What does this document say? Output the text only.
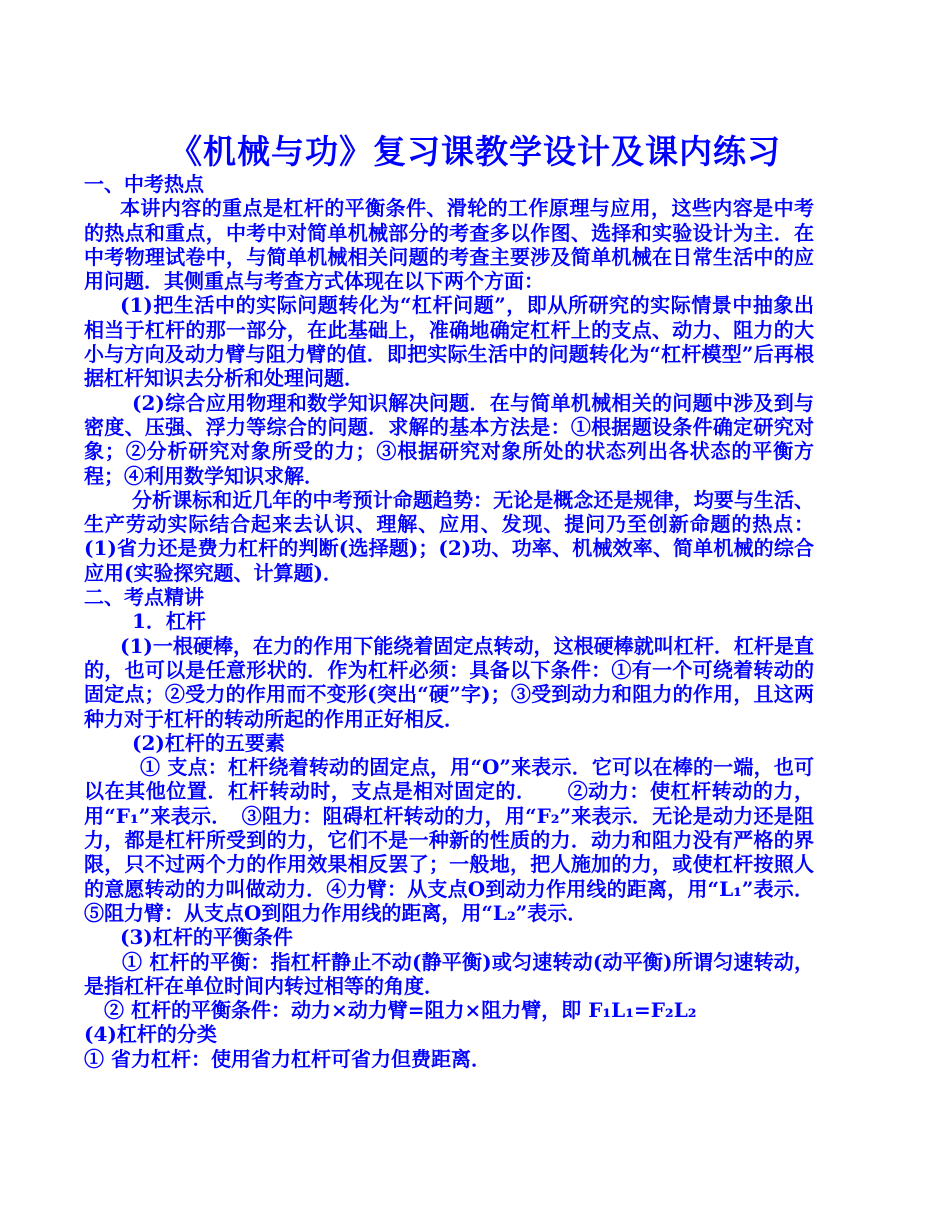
《机械与功》复习课教学设计及课内练习

一、中考热点

本讲内容的重点是杠杆的平衡条件、滑轮的工作原理与应用，这些内容是中考的热点和重点，中考中对简单机械部分的考查多以作图、选择和实验设计为主．在中考物理试卷中，与简单机械相关问题的考查主要涉及简单机械在日常生活中的应用问题．其侧重点与考查方式体现在以下两个方面：

(1)把生活中的实际问题转化为“杠杆问题”，即从所研究的实际情景中抽象出相当于杠杆的那一部分，在此基础上，准确地确定杠杆上的支点、动力、阻力的大小与方向及动力臂与阻力臂的值．即把实际生活中的问题转化为“杠杆模型”后再根据杠杆知识去分析和处理问题．

(2)综合应用物理和数学知识解决问题．在与简单机械相关的问题中涉及到与密度、压强、浮力等综合的问题．求解的基本方法是：①根据题设条件确定研究对象；②分析研究对象所受的力；③根据研究对象所处的状态列出各状态的平衡方程；④利用数学知识求解．

分析课标和近几年的中考预计命题趋势：无论是概念还是规律，均要与生活、生产劳动实际结合起来去认识、理解、应用、发现、提问乃至创新命题的热点：(1)省力还是费力杠杆的判断(选择题)；(2)功、功率、机械效率、简单机械的综合应用(实验探究题、计算题)．

二、考点精讲

1．杠杆

(1)一根硬棒，在力的作用下能绕着固定点转动，这根硬棒就叫杠杆．杠杆是直的，也可以是任意形状的．作为杠杆必须：具备以下条件：①有一个可绕着转动的固定点；②受力的作用而不变形(突出“硬”字)；③受到动力和阻力的作用，且这两种力对于杠杆的转动所起的作用正好相反．

(2)杠杆的五要素

① 支点：杠杆绕着转动的固定点，用“O”来表示．它可以在棒的一端，也可以在其他位置．杠杆转动时，支点是相对固定的．　　②动力：使杠杆转动的力，用“F₁”来表示．　③阻力：阻碍杠杆转动的力，用“F₂”来表示．无论是动力还是阻力，都是杠杆所受到的力，它们不是一种新的性质的力．动力和阻力没有严格的界限，只不过两个力的作用效果相反罢了；一般地，把人施加的力，或使杠杆按照人的意愿转动的力叫做动力．④力臂：从支点O到动力作用线的距离，用“L₁”表示．⑤阻力臂：从支点O到阻力作用线的距离，用“L₂”表示．

(3)杠杆的平衡条件

① 杠杆的平衡：指杠杆静止不动(静平衡)或匀速转动(动平衡)所谓匀速转动，是指杠杆在单位时间内转过相等的角度．

② 杠杆的平衡条件：动力×动力臂=阻力×阻力臂，即 F₁L₁=F₂L₂

(4)杠杆的分类

① 省力杠杆：使用省力杠杆可省力但费距离．
